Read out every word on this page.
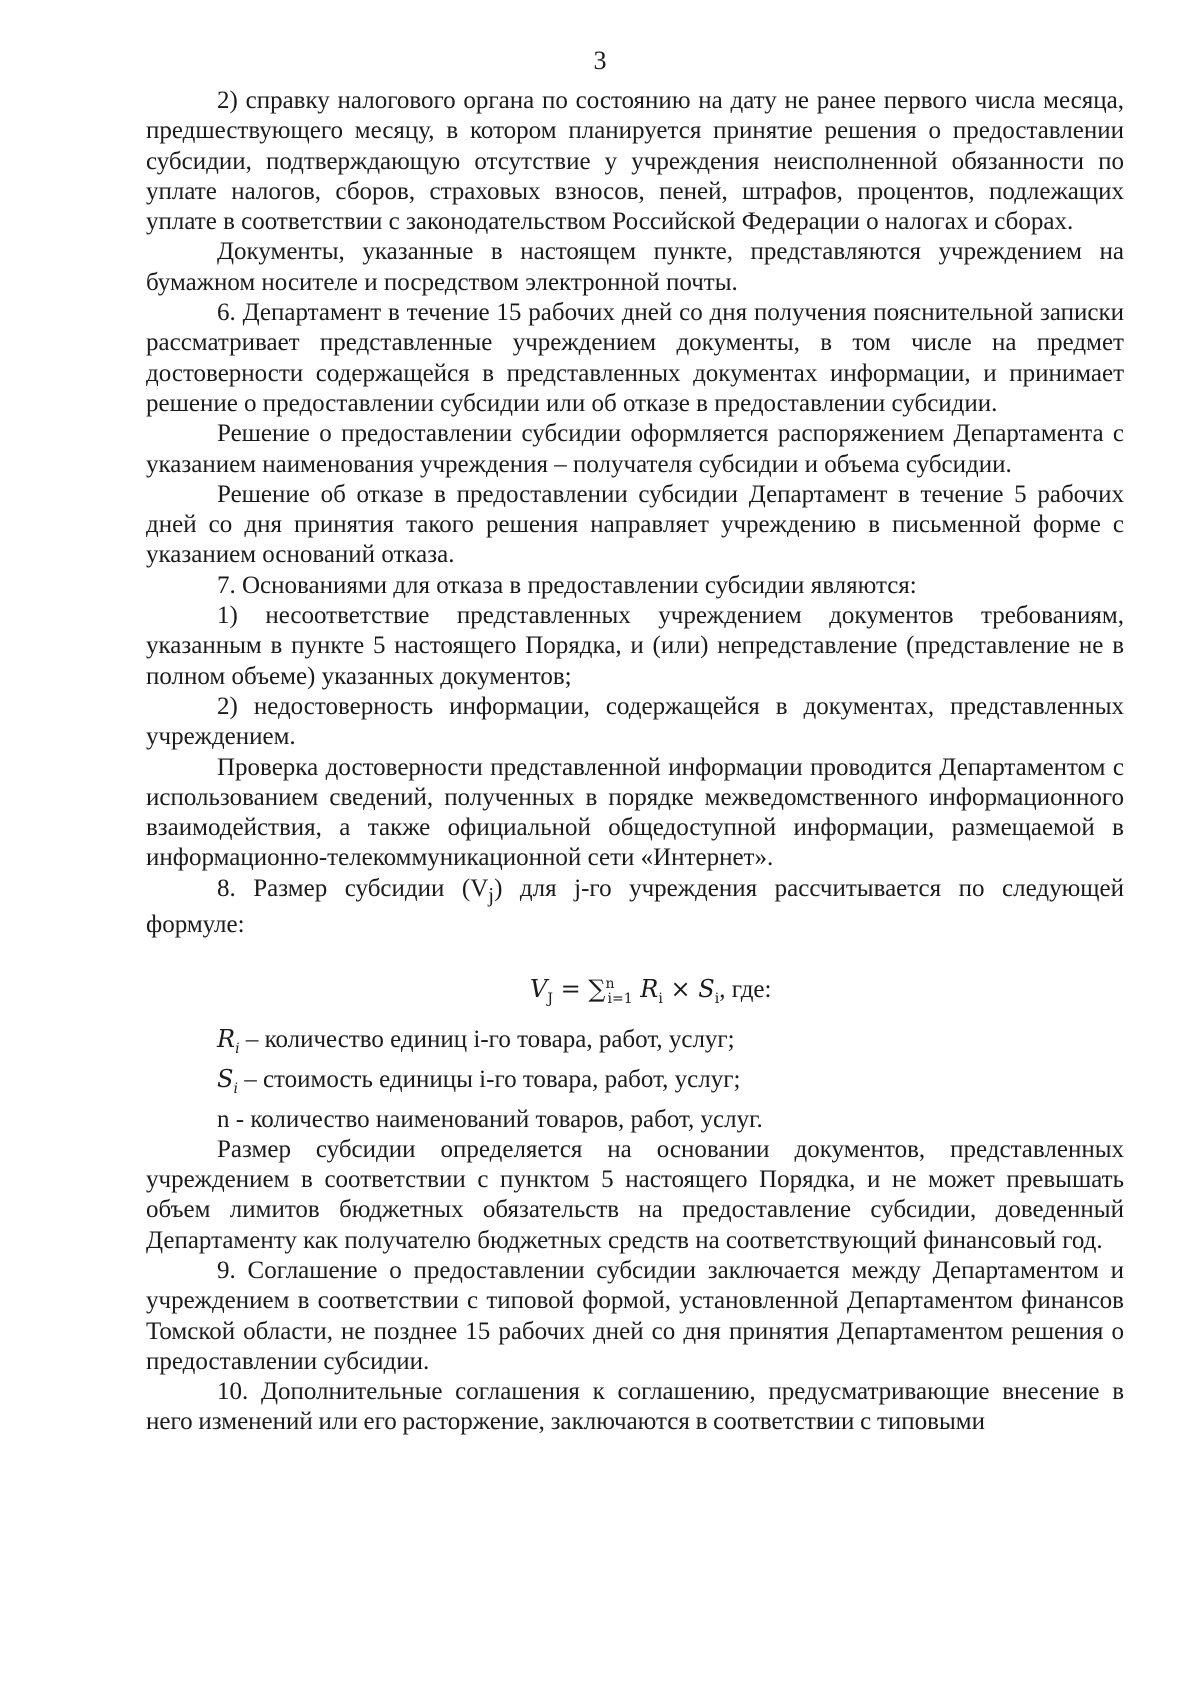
3

2) справку налогового органа по состоянию на дату не ранее первого числа месяца, предшествующего месяцу, в котором планируется принятие решения о предоставлении субсидии, подтверждающую отсутствие у учреждения неисполненной обязанности по уплате налогов, сборов, страховых взносов, пеней, штрафов, процентов, подлежащих уплате в соответствии с законодательством Российской Федерации о налогах и сборах.

Документы, указанные в настоящем пункте, представляются учреждением на бумажном носителе и посредством электронной почты.

6. Департамент в течение 15 рабочих дней со дня получения пояснительной записки рассматривает представленные учреждением документы, в том числе на предмет достоверности содержащейся в представленных документах информации, и принимает решение о предоставлении субсидии или об отказе в предоставлении субсидии.

Решение о предоставлении субсидии оформляется распоряжением Департамента с указанием наименования учреждения – получателя субсидии и объема субсидии.

Решение об отказе в предоставлении субсидии Департамент в течение 5 рабочих дней со дня принятия такого решения направляет учреждению в письменной форме с указанием оснований отказа.

7. Основаниями для отказа в предоставлении субсидии являются:

1) несоответствие представленных учреждением документов требованиям, указанным в пункте 5 настоящего Порядка, и (или) непредставление (представление не в полном объеме) указанных документов;

2) недостоверность информации, содержащейся в документах, представленных учреждением.

Проверка достоверности представленной информации проводится Департаментом с использованием сведений, полученных в порядке межведомственного информационного взаимодействия, а также официальной общедоступной информации, размещаемой в информационно-телекоммуникационной сети «Интернет».

8. Размер субсидии $(V_j)$ для j-го учреждения рассчитывается по следующей формуле:

$V_J = \sum^n_{i=1}$ $R_i \times S_i$, где:

$R_i$ – количество единиц i-го товара, работ, услуг;

$S_i$ – стоимость единицы i-го товара, работ, услуг;

n - количество наименований товаров, работ, услуг.

Размер субсидии определяется на основании документов, представленных учреждением в соответствии с пунктом 5 настоящего Порядка, и не может превышать объем лимитов бюджетных обязательств на предоставление субсидии, доведенный Департаменту как получателю бюджетных средств на соответствующий финансовый год.

9. Соглашение о предоставлении субсидии заключается между Департаментом и учреждением в соответствии с типовой формой, установленной Департаментом финансов Томской области, не позднее 15 рабочих дней со дня принятия Департаментом решения о предоставлении субсидии.

10. Дополнительные соглашения к соглашению, предусматривающие внесение в него изменений или его расторжение, заключаются в соответствии с типовыми
